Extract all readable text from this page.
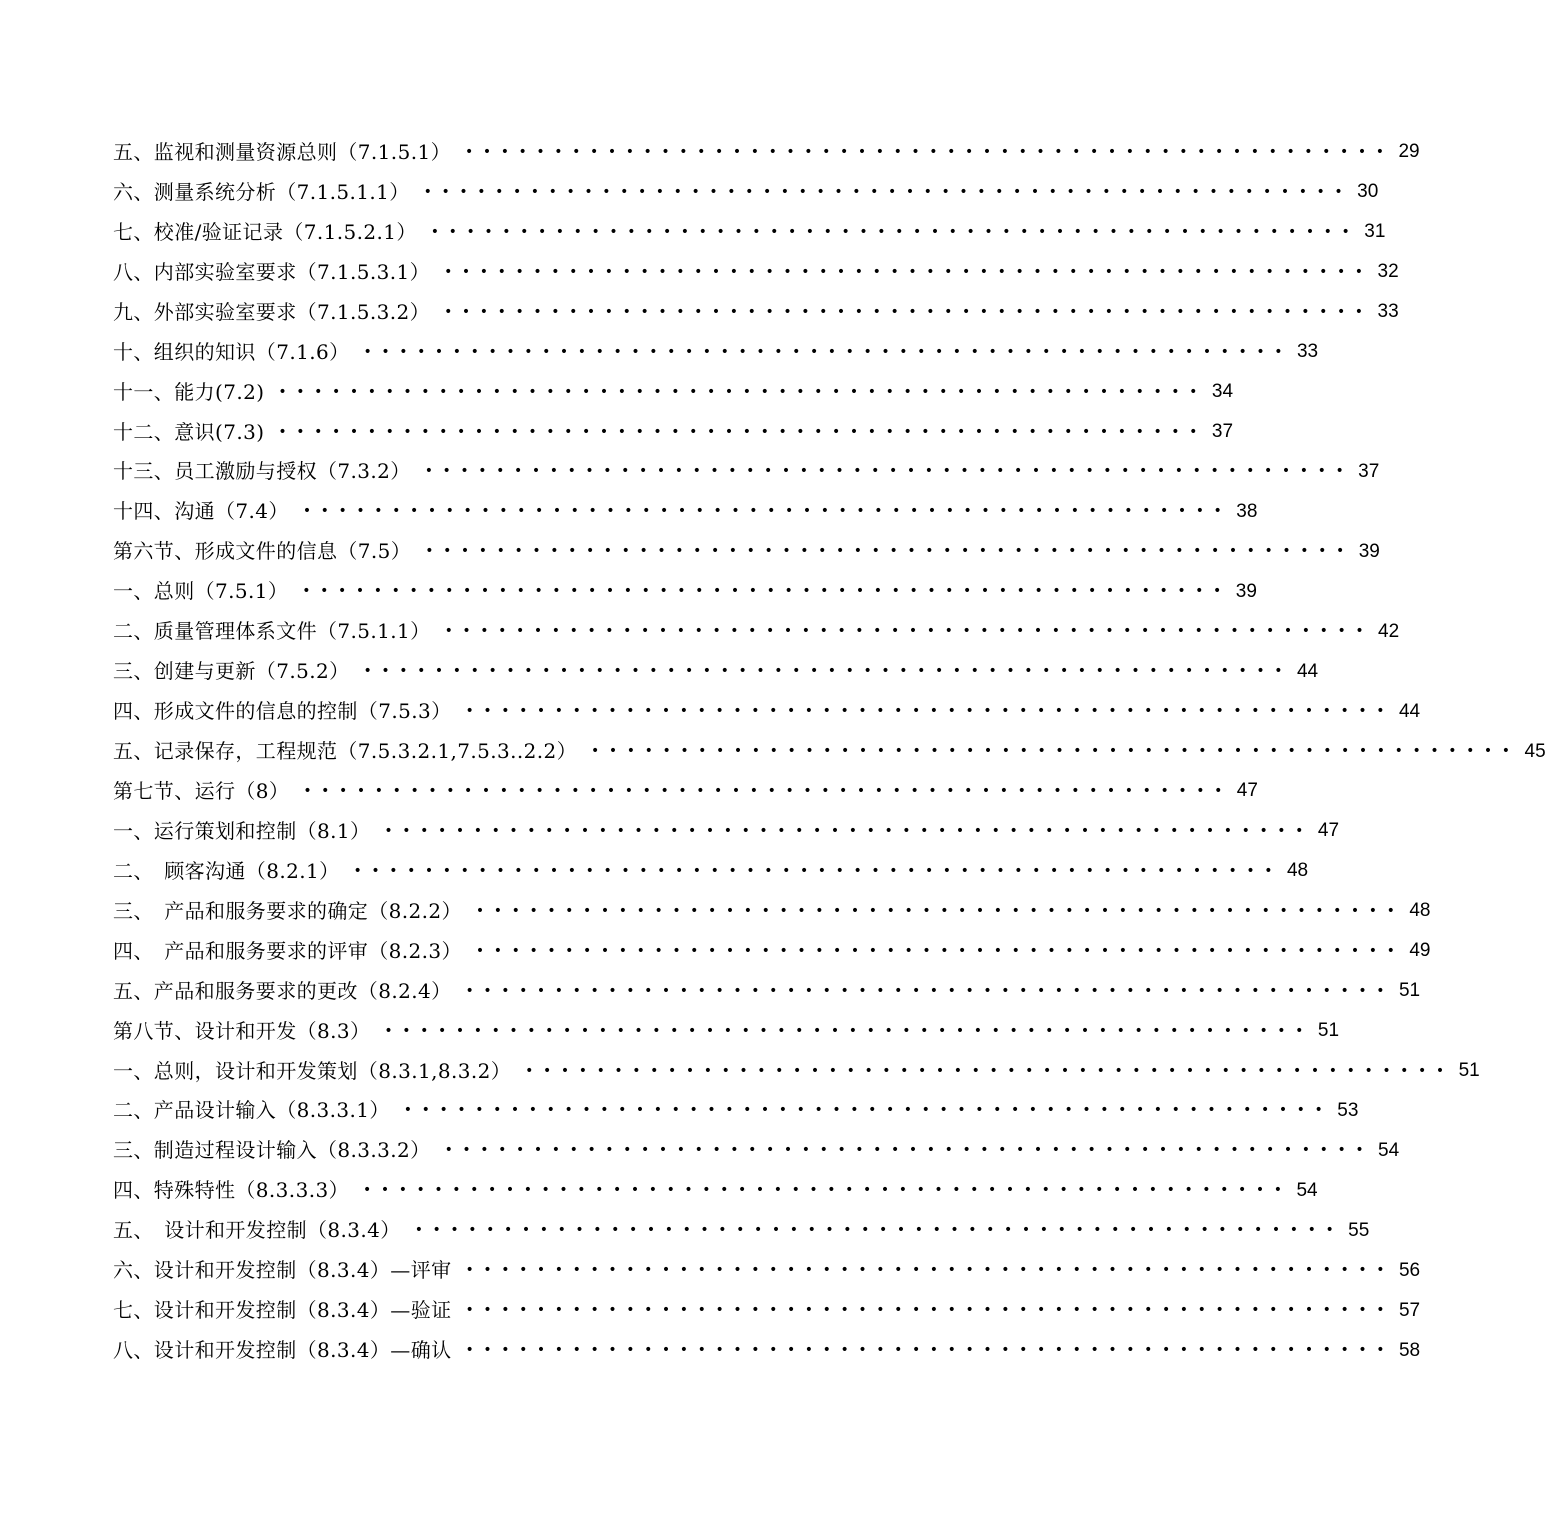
五、监视和测量资源总则（7.1.5.1）	•••••••••••••••••••••••••••••••••••••••••••••••••••• 29
六、测量系统分析（7.1.5.1.1）	•••••••••••••••••••••••••••••••••••••••••••••••••••• 30
七、校准/验证记录（7.1.5.2.1）	•••••••••••••••••••••••••••••••••••••••••••••••••••• 31
八、内部实验室要求（7.1.5.3.1）	•••••••••••••••••••••••••••••••••••••••••••••••••••• 32
九、外部实验室要求（7.1.5.3.2）	•••••••••••••••••••••••••••••••••••••••••••••••••••• 33
十、组织的知识（7.1.6）	•••••••••••••••••••••••••••••••••••••••••••••••••••• 33
十一、能力(7.2)	•••••••••••••••••••••••••••••••••••••••••••••••••••• 34
十二、意识(7.3)	•••••••••••••••••••••••••••••••••••••••••••••••••••• 37
十三、员工激励与授权（7.3.2）	•••••••••••••••••••••••••••••••••••••••••••••••••••• 37
十四、沟通（7.4）	•••••••••••••••••••••••••••••••••••••••••••••••••••• 38
第六节、形成文件的信息（7.5）	•••••••••••••••••••••••••••••••••••••••••••••••••••• 39
一、总则（7.5.1）	•••••••••••••••••••••••••••••••••••••••••••••••••••• 39
二、质量管理体系文件（7.5.1.1）	•••••••••••••••••••••••••••••••••••••••••••••••••••• 42
三、创建与更新（7.5.2）	•••••••••••••••••••••••••••••••••••••••••••••••••••• 44
四、形成文件的信息的控制（7.5.3）	•••••••••••••••••••••••••••••••••••••••••••••••••••• 44
五、记录保存，工程规范（7.5.3.2.1,7.5.3..2.2）	•••••••••••••••••••••••••••••••••••••••••••••••••••• 45
第七节、运行（8）	•••••••••••••••••••••••••••••••••••••••••••••••••••• 47
一、运行策划和控制（8.1）	•••••••••••••••••••••••••••••••••••••••••••••••••••• 47
二、　顾客沟通（8.2.1）	•••••••••••••••••••••••••••••••••••••••••••••••••••• 48
三、　产品和服务要求的确定（8.2.2）	•••••••••••••••••••••••••••••••••••••••••••••••••••• 48
四、　产品和服务要求的评审（8.2.3）	•••••••••••••••••••••••••••••••••••••••••••••••••••• 49
五、产品和服务要求的更改（8.2.4）	•••••••••••••••••••••••••••••••••••••••••••••••••••• 51
第八节、设计和开发（8.3）	•••••••••••••••••••••••••••••••••••••••••••••••••••• 51
一、总则，设计和开发策划（8.3.1,8.3.2）	•••••••••••••••••••••••••••••••••••••••••••••••••••• 51
二、产品设计输入（8.3.3.1）	•••••••••••••••••••••••••••••••••••••••••••••••••••• 53
三、制造过程设计输入（8.3.3.2）	•••••••••••••••••••••••••••••••••••••••••••••••••••• 54
四、特殊特性（8.3.3.3）	•••••••••••••••••••••••••••••••••••••••••••••••••••• 54
五、　设计和开发控制（8.3.4）	•••••••••••••••••••••••••••••••••••••••••••••••••••• 55
六、设计和开发控制（8.3.4）—评审	•••••••••••••••••••••••••••••••••••••••••••••••••••• 56
七、设计和开发控制（8.3.4）—验证	•••••••••••••••••••••••••••••••••••••••••••••••••••• 57
八、设计和开发控制（8.3.4）—确认	•••••••••••••••••••••••••••••••••••••••••••••••••••• 58
